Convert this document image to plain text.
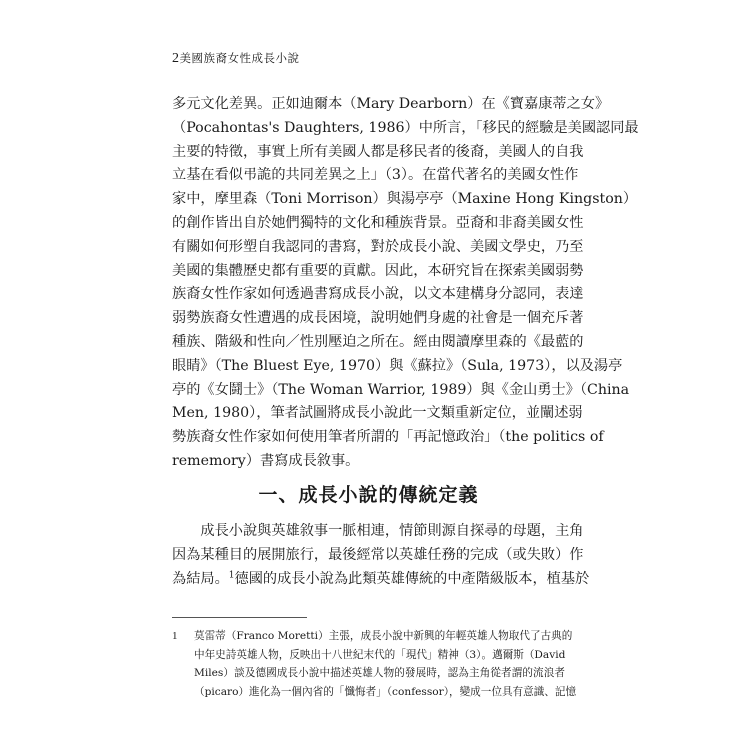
2美國族裔女性成長小說
多元文化差異。正如迪爾本（Mary Dearborn）在《寶嘉康蒂之女》
（Pocahontas's Daughters, 1986）中所言，「移民的經驗是美國認同最
主要的特徵，事實上所有美國人都是移民者的後裔，美國人的自我
立基在看似弔詭的共同差異之上」（3）。在當代著名的美國女性作
家中，摩里森（Toni Morrison）與湯亭亭（Maxine Hong Kingston）
的創作皆出自於她們獨特的文化和種族背景。亞裔和非裔美國女性
有關如何形塑自我認同的書寫，對於成長小說、美國文學史，乃至
美國的集體歷史都有重要的貢獻。因此，本研究旨在探索美國弱勢
族裔女性作家如何透過書寫成長小說，以文本建構身分認同，表達
弱勢族裔女性遭遇的成長困境，說明她們身處的社會是一個充斥著
種族、階級和性向／性別壓迫之所在。經由閱讀摩里森的《最藍的
眼睛》（The Bluest Eye, 1970）與《蘇拉》（Sula, 1973），以及湯亭
亭的《女鬪士》（The Woman Warrior, 1989）與《金山勇士》（China
Men, 1980），筆者試圖將成長小說此一文類重新定位，並闡述弱
勢族裔女性作家如何使用筆者所謂的「再記憶政治」（the politics of
rememory）書寫成長敘事。
一、成長小說的傳統定義
　　成長小說與英雄敘事一脈相連，情節則源自探尋的母題，主角
因為某種目的展開旅行，最後經常以英雄任務的完成（或失敗）作
為結局。$^1$德國的成長小說為此類英雄傳統的中產階級版本，植基於
1 莫雷蒂（Franco Moretti）主張，成長小說中新興的年輕英雄人物取代了古典的
中年史詩英雄人物，反映出十八世紀末代的「現代」精神（3）。邁爾斯（David
Miles）談及德國成長小說中描述英雄人物的發展時，認為主角從者謂的流浪者
（picaro）進化為一個內省的「懺悔者」（confessor），變成一位具有意識、記憶
